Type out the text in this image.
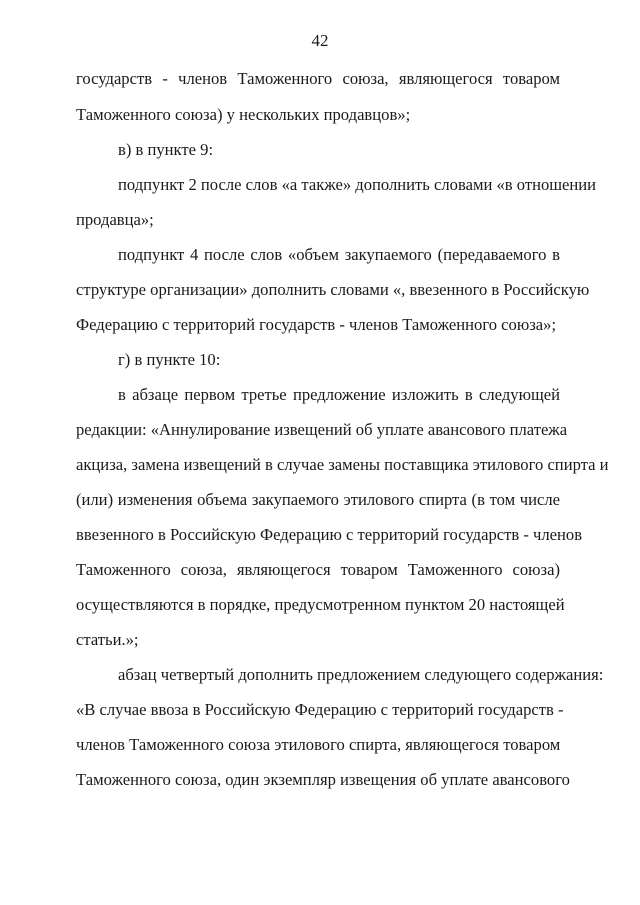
42
государств - членов Таможенного союза, являющегося товаром
Таможенного союза) у нескольких продавцов»;
в) в пункте 9:
подпункт 2 после слов «а также» дополнить словами «в отношении
продавца»;
подпункт 4 после слов «объем закупаемого (передаваемого в
структуре организации» дополнить словами «, ввезенного в Российскую
Федерацию с территорий государств - членов Таможенного союза»;
г) в пункте 10:
в абзаце первом третье предложение изложить в следующей
редакции: «Аннулирование извещений об уплате авансового платежа
акциза, замена извещений в случае замены поставщика этилового спирта и
(или) изменения объема закупаемого этилового спирта (в том числе
ввезенного в Российскую Федерацию с территорий государств - членов
Таможенного союза, являющегося товаром Таможенного союза)
осуществляются в порядке, предусмотренном пунктом 20 настоящей
статьи.»;
абзац четвертый дополнить предложением следующего содержания:
«В случае ввоза в Российскую Федерацию с территорий государств -
членов Таможенного союза этилового спирта, являющегося товаром
Таможенного союза, один экземпляр извещения об уплате авансового
